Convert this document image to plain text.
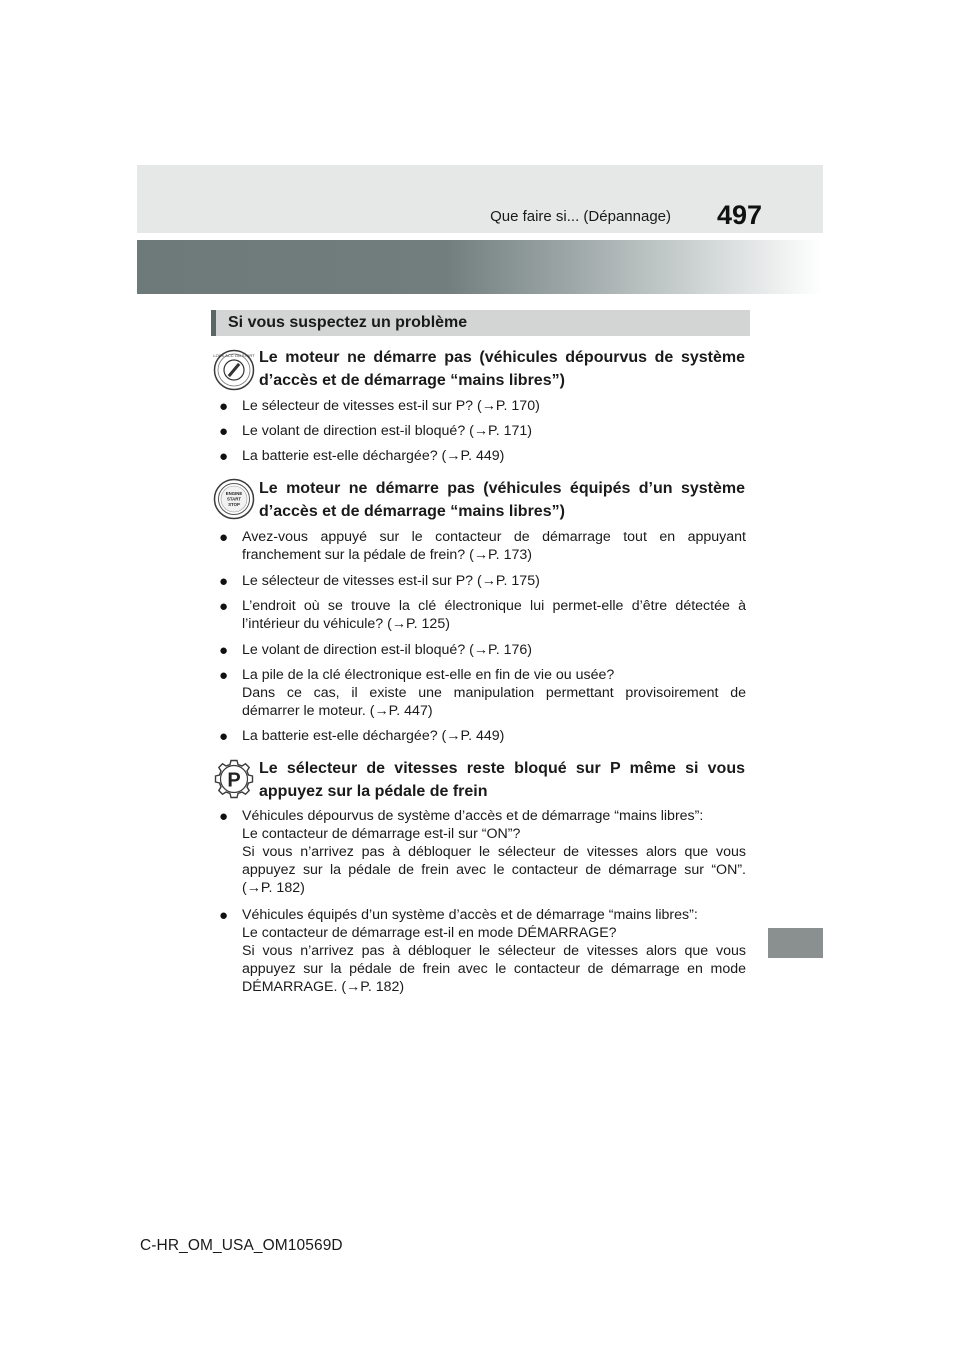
Que faire si... (Dépannage)	497
Si vous suspectez un problème
LOCK ACC ON START Le moteur ne démarre pas (véhicules dépourvus de système d’accès et de démarrage “mains libres”)
● Le sélecteur de vitesses est-il sur P? (→P. 170)
● Le volant de direction est-il bloqué? (→P. 171)
● La batterie est-elle déchargée? (→P. 449)
ENGINE
START
STOP
Le moteur ne démarre pas (véhicules équipés d’un système d’accès et de démarrage “mains libres”)
● Avez-vous appuyé sur le contacteur de démarrage tout en appuyant
franchement sur la pédale de frein? (→P. 173)
● Le sélecteur de vitesses est-il sur P? (→P. 175)
● L’endroit où se trouve la clé électronique lui permet-elle d’être détectée à
l’intérieur du véhicule? (→P. 125)
● Le volant de direction est-il bloqué? (→P. 176)
● La pile de la clé électronique est-elle en fin de vie ou usée?
Dans ce cas, il existe une manipulation permettant provisoirement de
démarrer le moteur. (→P. 447)
● La batterie est-elle déchargée? (→P. 449)
P
Le sélecteur de vitesses reste bloqué sur P même si vous appuyez sur la pédale de frein
● Véhicules dépourvus de système d’accès et de démarrage “mains libres”:
Le contacteur de démarrage est-il sur “ON”?
Si vous n’arrivez pas à débloquer le sélecteur de vitesses alors que vous
appuyez sur la pédale de frein avec le contacteur de démarrage sur “ON”.
(→P. 182)
● Véhicules équipés d’un système d’accès et de démarrage “mains libres”:
Le contacteur de démarrage est-il en mode DÉMARRAGE?
Si vous n’arrivez pas à débloquer le sélecteur de vitesses alors que vous
appuyez sur la pédale de frein avec le contacteur de démarrage en mode
DÉMARRAGE. (→P. 182)
C-HR_OM_USA_OM10569D
